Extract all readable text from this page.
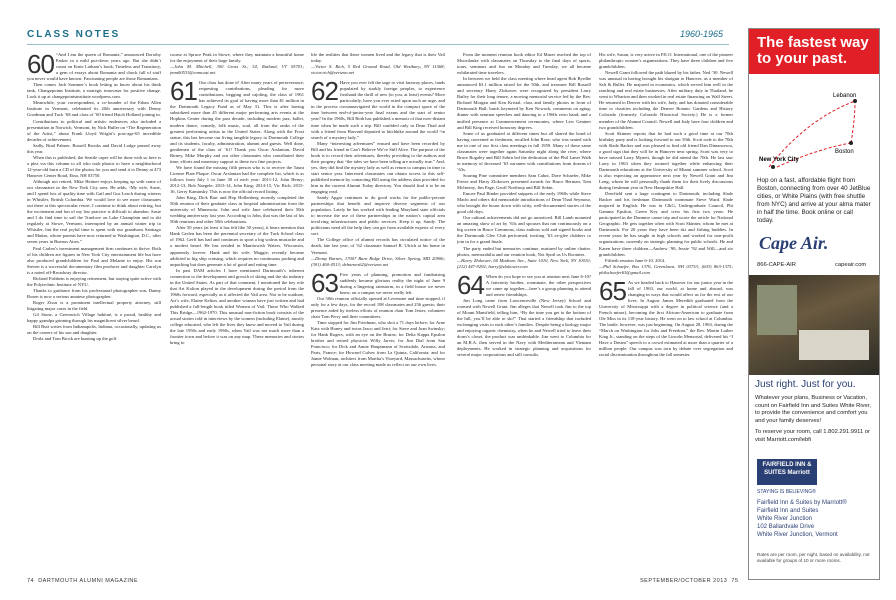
CLASS NOTES	1960-1965
60 “And I am the queen of Romania,” announced Dorothy Parker in a mild put-down years ago. But she didn’t count on Ernie Latham’s book, Timeless and Transitory, a gem of essays about Romania and chock full of stuff you never would have known. Fascinating people are those Romanians.

Then comes Jack Sommer’s book letting us know about his think tank, Changepoints Institute, a strategic innovator for positive change. Look it up at changepointsinstitute.wordpress.com.

Meanwhile, your correspondent, a co-founder of the Ethan Allen Institute in Vermont, celebrated its 20th anniversary with Denny Goodman and Tuck ’68 and class of ’60 friend Hatch Holland joining in.

Contributions to political and artistic endeavors also included a presentation in Norwich, Vermont, by Nick Huller on “The Regeneration of the Artist,” about Frank Lloyd Wright’s post-age-65 incredible decades of achievement.

Sadly, Brad Palmer, Russell Brooks and David Lodge passed away this year.

When this is published, the Seattle caper will be done with so here is a plea via this column to all who took photos to have a neighborhood 12-year-old burn a CD of the photos for you and send it to Denny at 473 Hanover Center Road, Etna, NH 03750.

Although not retired, Mike Heitner enjoys keeping up with some of our classmates in the New York City area. He adds, “My wife, Susie, and I spend lots of quality time with Gail and Gus Leach during winters in Whistler, British Columbia. We would love to see more classmates out there at this spectacular resort. I continue to think about retiring, but the excitement and fun of my law practice is difficult to abandon. Susie and I do find time to sail the Truelove on Lake Champlain and to ski regularly at Stowe, Vermont, interrupted by an annual winter trip to Whistler, but the real joyful time is spent with our grandsons Santiago and Matias, whose parents have now returned to Washington, D.C., after seven years in Buenos Aires.”

Paul Carlen’s investment management firm continues to thrive. Both of his children are figures in New York City entertainment life but have also produced grandchildren for Paul and Melanie to enjoy. His son Steven is a successful documentary film producer and daughter Carolyn is a noted off-Broadway director.

Richard Fishbein is enjoying retirement, but staying quite active with the Polytechnic Institute of NYU.

Thanks to guidance from his professional photographer son, Danny Rosen is now a serious amateur photographer.

Roger Zissu is a prominent intellectual property attorney, still litigating major cases in the field.

Gil Stone, a Greenwich Village habitué, is a proud, healthy and happy grandpa grinning through his magnificent silver beard.

Bill Butt writes from Indianapolis, Indiana, occasionally, updating us on the careers of his son and daughter.

Dorla and Tom Brock are burning up the golf

course at Spruce Peak in Stowe, where they maintain a beautiful home for the enjoyment of their large family.

—John M. Mitchell, 300 Gross St., 34, Rutland, VT 05701; jmm00533@comcast.net

61 Our class has done it! After many years of perseverance, requesting contributions, pleading for more contributions, begging and cajoling, the class of 1961 has achieved its goal of having more than $1 million in the Dartmouth Legacy Fund as of May 31. This is after having subsidized more than 45 different major performing arts events at the Hopkins Center during the past decade, including modern jazz, ballet, modern dance, comedy, folk music, soul, all from the ranks of the greatest performing artists in the United States. Along with the Frost statue, this has become our living tangible legacy to Dartmouth College and its students, faculty, administration, alumni and guests. Well done, gentlemen of the class of ’61! Thank you Oscar Arslanian, David Birney, Mike Murphy and our other classmates who contributed their time, efforts and monetary support to these two fine projects.

We have found the missing fifth person who is to receive the Taunt License Plate Plaque. Oscar Arslanian had the complete list, which is as follows from July 1 in June 30 of each year: 2011-12, John Henry; 2012-13, Bob Naegele; 2013-14, John King; 2014-15, Vic Rich; 2015-16, Gerry Kaminsky. This is now the official record listing.

John King, Dick Barr and Hop Hollenberg recently completed the 50th reunion of their graduate class in hospital administration from the university of Minnesota. John and wife Jane celebrated their 50th wedding anniversary last year. According to John, that was the last of his 50th reunions and other 50th celebrations.

After 50 years (at least it has felt like 50 years), it bears mention that Hank Gerfen has been the perennial secretary of the Tuck School class of 1962. Gerff has had and continues to sport a big walrus mustache and a modest beard. He has resided in Manitowish Waters, Wisconsin, apparently forever. Hank and his wife, Maggie, recently became addicted to big ship cruising, which requires no continuous packing and unpacking but does generate a lot of good and eating time.

In past DAM articles I have mentioned Dartmouth’s inherent connection to the development and growth of skiing and the ski industry in the United States. As part of that comment, I mentioned the key role that Art Kolton played in the development during the period from the 1960s forward, especially as it affected the Vail area. Not to be outdone, Art’s wife, Elaine Kelton, and another woman have just written and had published a full-length book titled Women of Vail: Those Who Walked This Bridge—1962-1970. This unusual non-fiction book consists of the actual stories told in interviews by the women (including Elaine), mostly college educated, who left the lives they knew and moved to Vail during the late 1950s and early 1960s, when Vail was not much more than a frontier town and before it was on any map. These memories and stories bring to

life the realities that these women lived and the legacy that is their Vail today.

—Victor S. Rich, 5 Red Ground Road, Old Westbury, NY 11568; victor.rich@verizon.net

62 Have you ever felt the urge to visit faraway places, lands populated by starkly foreign peoples, to experience firsthand the thrill of new (to you, at least) events? More particularly, have you ever acted upon such an urge, and in the process circumnavigated the world in the compact space of the time between end-of-junior-year final exams and the start of senior year? In the 1960s, Bill Roth has published a memoir of that now-distant time when he made such a trip. Bill confided only in Dean Thad and with a friend from Harvard departed to hitchhike around the world “in search of a mystery lady.”

Many “interesting adventures” ensued and have been recorded by Bill and his friend in Can’t Believe We’re Still Alive. The purpose of the book is to record their adventures, thereby providing to the authors and their progeny that “the tales we have been telling are actually true.” And, yes, they did find the mystery lady as well as return to campus in time to start senior year. Interested classmates can obtain access to this self-published memoir by contacting Bill using the address data provided for him in the current Alumni Today directory. You should find it to be an engaging read.

Sandy Apgar continues to do good works for the public-private partnerships that benefit and improve diverse segments of our population. Lately he has worked with leading Maryland state officials to increase the use of these partnerships in the nation’s capital area involving infrastructures and public services. Keep it up, Sandy. The politicians need all the help they can get from available experts of every sort.

The College office of alumni records has circulated notice of the death, late last year, of ’62 classmate Samuel B. Ulrich at his home in Vermont.

—Denny Barnes, 17007 Burn Ridge Drive, Silver Spring, MD 20906; (301) 460-4513; debarnes62@verizon.net

63 Five years of planning, promotion and fundraising suddenly became glorious reality the night of June 9 during a lingering rainstorm, in a field house we never knew, on a campus we never really left.

Our 50th reunion officially opened at Levenone and time stopped, if only for a few days, for the record 198 classmates and 256 guests; their presence aided by tireless efforts of reunion chair Tom Jester, volunteer chair Tom Perry and their committees.

Time stopped for Jim Friedman, who shot a 71 days before; for Arne Katz with Honey and twins Jasco and Jerri; for Steve and Joan Swinsky; for Hank Rogers, with an eye on the Bruins; for Delta Kappa Epsilon brother and retired physicist Willy Jarvis; for Jim Dial from San Francisco; for Dick and Annie Hauptmann of Scottsdale, Arizona, and Paris, France; for Howard Culver from La Quinta, California; and for Jamie Wolman, architect from Martha’s Vineyard, Massachusetts, whose personal story at our class meeting made us reflect on our own lives.

From the moment reunion book editor Ed Mazer reached the top of Moosilauke with classmates on Thursday to the final days of sports, tours, seminars and fun on Monday and Tuesday, we all became exhilarated time travelers.

In between we held the class meeting where head agent Bob Byrdhe announced $3.1 million raised for the 50th, and treasurer Bill Russell and secretary Harry Zlokower were recognized by president Larry Bailey for their long tenure, a moving memorial service led by the Rev. Richard Morgan and Ken Kristal; class and family photos in front of Dartmouth Hall; lunch keynoted by Ken Nowack, comments on aging; dinner with seminar speeches and dancing to a 1960s retro band; and a unified presence at Commencement ceremonies, where Lew Gentner and Bill King received honorary degrees.

Some of us graduated at different times but all shared the bond of having convened as freshmen, recalled John Rose, who was seated with me in one of our first class meetings in fall 1959. Many of these same classmates were together again Saturday night along the river, where Bruce Bogaley and Bill Sobin led the dedication of the Phil Laner Walk in memory of deceased ’63 oarsmen with contributions from dozens of ’63s.

Soaring Pine committee members Sam Cabot, Dave Schaefer, Mike Frieze and Harry Zlokower presented awards for Bruce Berman, Tom McInerny, Jim Page, Geoff Northrop and Bill Sobin.

Emcee Paul Binder provided snippets of the early 1960s while Steve Macht and others did memorable introductions of Dean Thad Seymour, who brought the house down with witty, well-documented stories of the good old days.

Our cultural achievements did not go unnoticed. Bill Lamb mounted an amazing show of art by ’63s and spouses that ran continuously on a big screen in Bruce Commons, class authors sold and signed books and the Dartmouth Glee Club performed, inviting ’63 ex-glee clubbers to join in for a grand finale.

The party ended but memories continue, nurtured by online chatter, photos, memorabilia and our reunion book, Not Spoil us Us Roomies.

—Harry Zlokower, 60 Madison Ave., Suite 1010, New York, NY 10010; (212) 447-9292; harry@zlokower.com

64 When do you hope to see you at reunion next June 6-10? A fraternity brother, roommate, the other perspectives we came up together—here’s a group planning to attend and renew friendships.

Jim Long came from Lawrenceville (New Jersey) School and roomed with Newell Grant. Jim alleges that Newell took Jim to the top of Mount Mansfield, telling him, “By the time you get to the bottom of the hill, you’ll be able to ski!” That started a friendship that included exchanging visits to each other’s families. Despite being a biology major and enjoying organic chemistry, when he and Newell tried to leave their dorm’s closet, the product was undrinkable. Jim went to Columbia for an M.B.A. then served in the Navy with Mediterranean and Vietnam deployments. He worked in strategic planning and acquisitions for several major corporations and still consults.

His wife, Susan, is very active in P.E.O. International, one of the pioneer philanthropic women’s organizations. They have three children and five grandchildren.

Newell Grant followed the path blazed by his father, Ned ’30. Newell was unusual in having brought his shotgun to Hanover, as a member of Salt & Bullet. He majored in economics, which served him well in the ranching and real estate businesses. After military duty in Thailand, he went to Wharton and then worked in real estate financing on Wall Street. He returned to Denver with his wife, Judy, and has donated considerable time to charities including the Denver Botanic Gardens and History Colorado (formerly Colorado Historical Society.) He is a former member of the Alumni Council. Newell and Judy have four children and two grandchildren.

Scott Skinner reports that he had such a good time at our 70th birthday party and is looking forward to our 50th. Scott rode to the 70th with Slade Backer and was pleased to find old friend Dan Dimancescu, a good sign that they will be in Hanover next spring. Scott was very to have missed Larry Mynett, though he did attend the 70th. He last saw Larry in 1963 when they roomed together while enhancing their Dartmouth educations at the University of Miami summer school. Scott is also expecting an appearance next year by Newell Grant and Jim Long, whom he will personally thank them for their lively discussions during freshman year in New Hampshire Hall.

Deerfield sent a large contingent to Dartmouth, including Slade Backer and his freshman Dartmouth roommate Steve Ward. Slade majored in English. He was in C&G, Undergraduate Council, Phi Gamma Epsilon, Green Key and crew his first two years. He participated in the Dunmire canoe trip and wrote the article for National Geographic. He gets together often with Scott Skinner, whom he met at Dartmouth. For 20 years they have been ski and fishing buddies. In recent years he has taught in high schools and worked for non-profit organizations, currently on strategic planning for public schools. He and Karen have three children—Andrew ’90, Jessie ’92 and Will—and six grandchildren.

Fiftieth reunion June 6-10, 2014.

—Phil Schaefer, Box 1376, Greenlawn, NH 03753; (603) 863-1375; philschaefer63@gmail.com

65 As we headed back to Hanover for our junior year in the fall of 1963, our world, at home and abroad, was changing in ways that would affect us for the rest of our lives. In August James Meredith graduated from the University of Mississippi with a degree in political science (and a French minor), becoming the first African-American to graduate from Ole Miss in its 118-year history. He went on to law school at Columbia. The battle, however, was just beginning. On August 28, 1963, during the “March on Washington for Jobs and Freedom,” the Rev. Martin Luther King Jr., standing on the steps of the Lincoln Memorial, delivered his “I Have a Dream” speech to a crowd estimated at more than a quarter of a million people. Our campus was torn by debate over segregation and racial discrimination throughout the fall semester.

74 DARTMOUTH ALUMNI MAGAZINE	SEPTEMBER/OCTOBER 2013 75
The fastest way to your past.
Lebanon
Boston
New York City
Hop on a fast, affordable flight from Boston, connecting from over 40 JetBlue cities, or White Plains (with free shuttle from NYC) and arrive at your alma mater in half the time. Book online or call today.
Cape Air.
866-CAPE-AIR	capeair.com
Just right. Just for you.
Whatever your plans, Business or Vacation, count on Fairfield Inn and Suites White River, to provide the convenience and comfort you and your family deserves!
To reserve your room, call 1.802.291.9911 or visit Marriott.com/lebfi
FAIRFIELD INN & SUITES Marriott
STAYING IS BELIEVING®
Fairfield Inn & Suites by Marriott®
Fairfield Inn and Suites
White River Junction
102 Ballardvale Drive
White River Junction, Vermont
Rates are per room, per night, based on availability, not available for groups of 10 or more rooms.
